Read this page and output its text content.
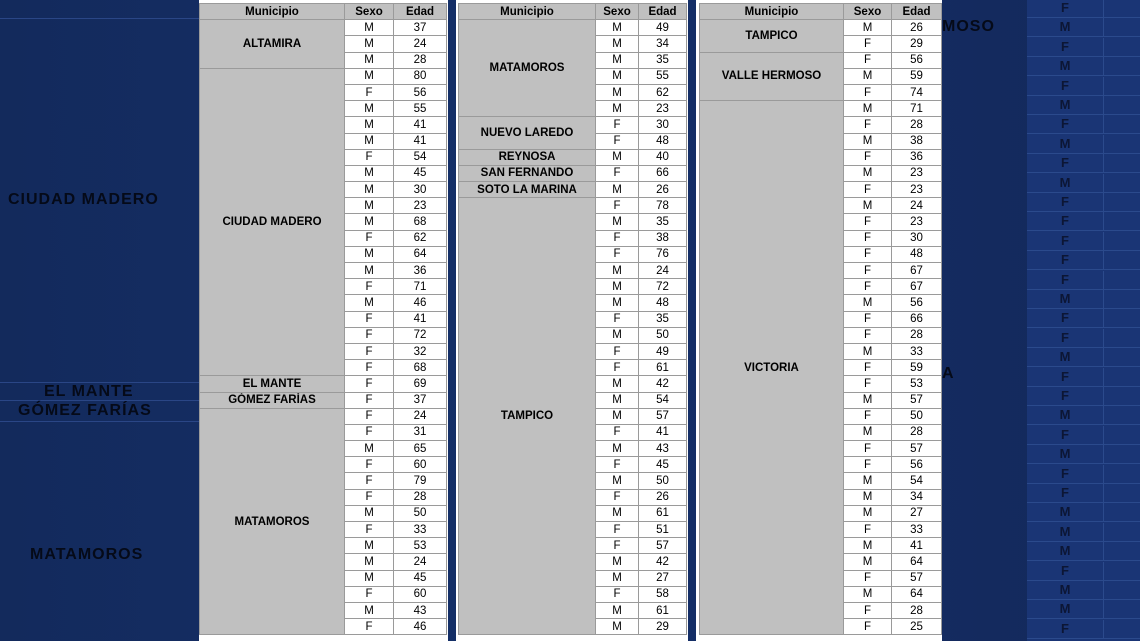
CIUDAD MADERO
EL MANTE
GÓMEZ FARÍAS
MATAMOROS
MOSO
A
F
M
F
M
F
M
F
M
F
M
F
F
F
F
F
M
F
F
M
F
F
M
F
M
F
F
M
M
M
F
M
M
F
Municipio	Sexo	Edad
ALTAMIRA	M	37
	M	24
	M	28
CIUDAD MADERO	M	80
	F	56
	M	55
	M	41
	M	41
	F	54
	M	45
	M	30
	M	23
	M	68
	F	62
	M	64
	M	36
	F	71
	M	46
	F	41
	F	72
	F	32
	F	68
EL MANTE	F	69
GÓMEZ FARÍAS	F	37
MATAMOROS	F	24
	F	31
	M	65
	F	60
	F	79
	F	28
	M	50
	F	33
	M	53
	M	24
	M	45
	F	60
	M	43
	F	46
Municipio	Sexo	Edad
MATAMOROS	M	49
	M	34
	M	35
	M	55
	M	62
	M	23
NUEVO LAREDO	F	30
	F	48
REYNOSA	M	40
SAN FERNANDO	F	66
SOTO LA MARINA	M	26
TAMPICO	F	78
	M	35
	F	38
	F	76
	M	24
	M	72
	M	48
	F	35
	M	50
	F	49
	F	61
	M	42
	M	54
	M	57
	F	41
	M	43
	F	45
	M	50
	F	26
	M	61
	F	51
	F	57
	M	42
	M	27
	F	58
	M	61
	M	29
Municipio	Sexo	Edad
TAMPICO	M	26
	F	29
VALLE HERMOSO	F	56
	M	59
	F	74
VICTORIA	M	71
	F	28
	M	38
	F	36
	M	23
	F	23
	M	24
	F	23
	F	30
	F	48
	F	67
	F	67
	M	56
	F	66
	F	28
	M	33
	F	59
	F	53
	M	57
	F	50
	M	28
	F	57
	F	56
	M	54
	M	34
	M	27
	F	33
	M	41
	M	64
	F	57
	M	64
	F	28
	F	25
